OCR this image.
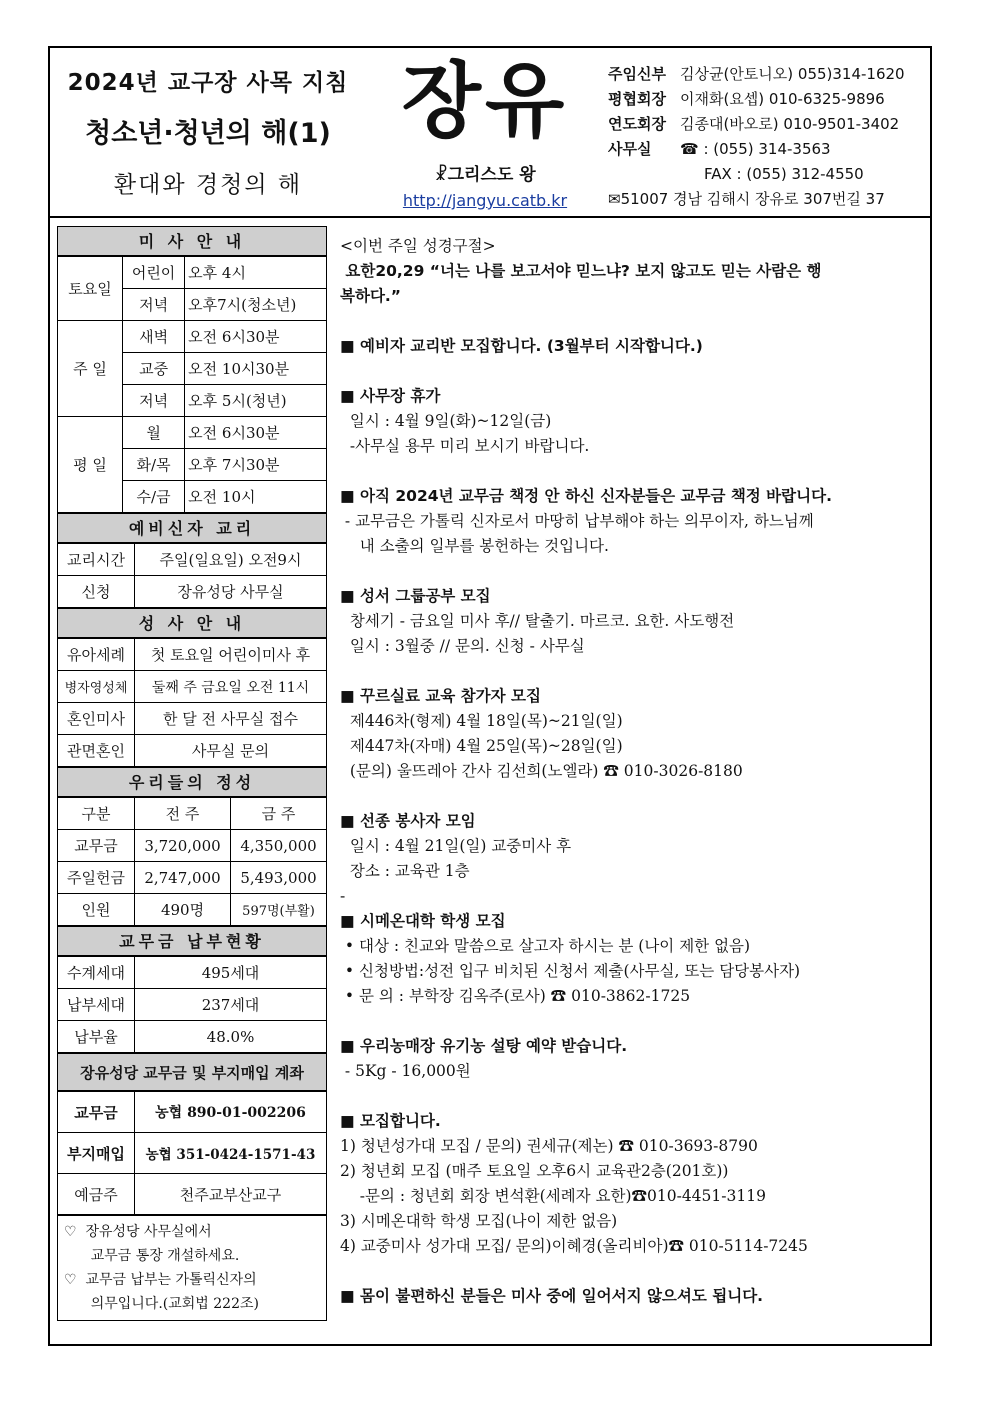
2024년 교구장 사목 지침
청소년·청년의 해(1)
환대와 경청의 해
장유
☧그리스도 왕
http://jangyu.catb.kr
주임신부 김상균(안토니오) 055)314-1620
평협회장 이재화(요셉) 010-6325-9896
연도회장 김종대(바오로) 010-9501-3402
사무실 ☎ : (055) 314-3563
FAX : (055) 312-4550
✉51007 경남 김해시 장유로 307번길 37
미 사 안 내
토요일	어린이	오후 4시
	저녁	오후7시(청소년)
주 일	새벽	오전 6시30분
	교중	오전 10시30분
	저녁	오후 5시(청년)
평 일	월	오전 6시30분
	화/목	오후 7시30분
	수/금	오전 10시
예비신자 교리
교리시간	주일(일요일) 오전9시
신청	장유성당 사무실
성 사 안 내
유아세례	첫 토요일 어린이미사 후
병자영성체	둘째 주 금요일 오전 11시
혼인미사	한 달 전 사무실 접수
관면혼인	사무실 문의
우리들의 정성
구분	전 주	금 주
교무금	3,720,000	4,350,000
주일헌금	2,747,000	5,493,000
인원	490명	597명(부활)
교무금 납부현황
수계세대	495세대
납부세대	237세대
납부율	48.0%
장유성당 교무금 및 부지매입 계좌
교무금	농협 890-01-002206
부지매입	농협 351-0424-1571-43
예금주	천주교부산교구
♡  장유성당 사무실에서
교무금 통장 개설하세요.
♡  교무금 납부는 가톨릭신자의
의무입니다.(교회법 222조)
<이번 주일 성경구절>
요한20,29 “너는 나를 보고서야 믿느냐? 보지 않고도 믿는 사람은 행
복하다.”
■ 예비자 교리반 모집합니다. (3월부터 시작합니다.)
■ 사무장 휴가
일시 : 4월 9일(화)~12일(금)
-사무실 용무 미리 보시기 바랍니다.
■ 아직 2024년 교무금 책정 안 하신 신자분들은 교무금 책정 바랍니다.
- 교무금은 가톨릭 신자로서 마땅히 납부해야 하는 의무이자, 하느님께
내 소출의 일부를 봉헌하는 것입니다.
■ 성서 그룹공부 모집
창세기 - 금요일 미사 후// 탈출기. 마르코. 요한. 사도행전
일시 : 3월중 // 문의. 신청 - 사무실
■ 꾸르실료 교육 참가자 모집
제446차(형제) 4월 18일(목)~21일(일)
제447차(자매) 4월 25일(목)~28일(일)
(문의) 울뜨레아 간사 김선희(노엘라) ☎ 010-3026-8180
■ 선종 봉사자 모임
일시 : 4월 21일(일) 교중미사 후
장소 : 교육관 1층
-
■ 시메온대학 학생 모집
• 대상 : 친교와 말씀으로 살고자 하시는 분 (나이 제한 없음)
• 신청방법:성전 입구 비치된 신청서 제출(사무실, 또는 담당봉사자)
• 문 의 : 부학장 김옥주(로사) ☎ 010-3862-1725
■ 우리농매장 유기농 설탕 예약 받습니다.
- 5Kg - 16,000원
■ 모집합니다.
1) 청년성가대 모집 / 문의) 권세규(제논) ☎ 010-3693-8790
2) 청년회 모집 (매주 토요일 오후6시 교육관2층(201호))
-문의 : 청년회 회장 변석환(세례자 요한)☎010-4451-3119
3) 시메온대학 학생 모집(나이 제한 없음)
4) 교중미사 성가대 모집/ 문의)이혜경(올리비아)☎ 010-5114-7245
■ 몸이 불편하신 분들은 미사 중에 일어서지 않으셔도 됩니다.
